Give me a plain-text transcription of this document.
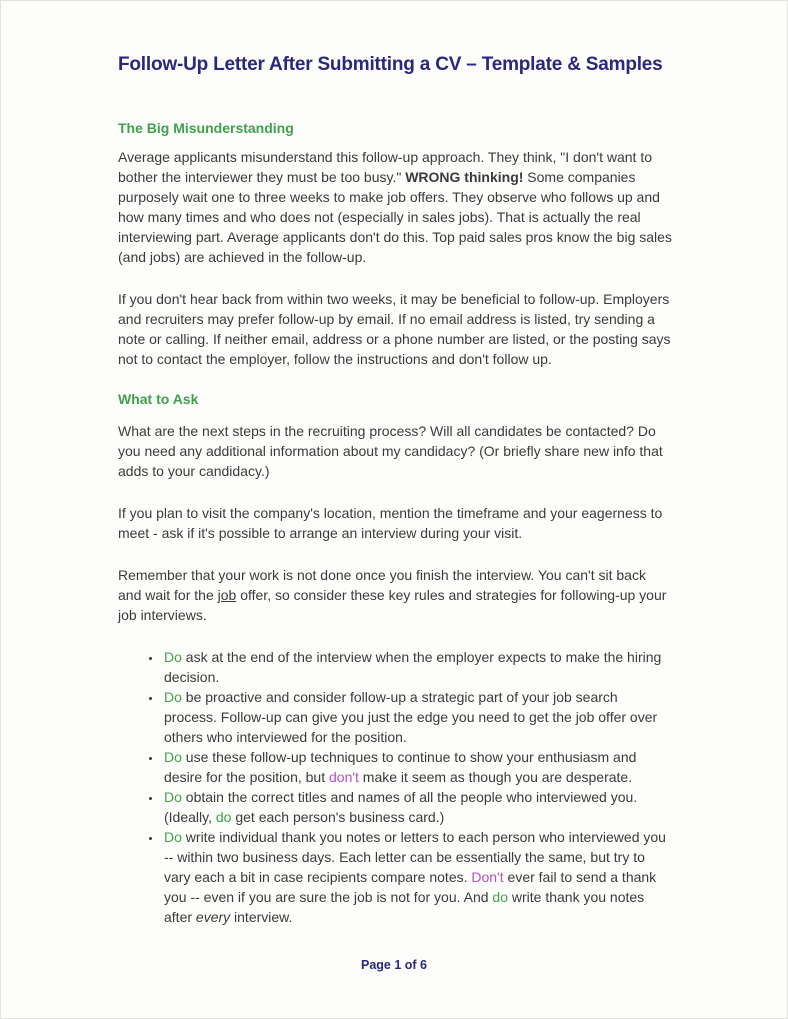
Follow-Up Letter After Submitting a CV – Template & Samples
The Big Misunderstanding

Average applicants misunderstand this follow-up approach. They think, "I don't want to bother the interviewer they must be too busy." WRONG thinking! Some companies purposely wait one to three weeks to make job offers. They observe who follows up and how many times and who does not (especially in sales jobs). That is actually the real interviewing part. Average applicants don't do this. Top paid sales pros know the big sales (and jobs) are achieved in the follow-up.

If you don't hear back from within two weeks, it may be beneficial to follow-up. Employers and recruiters may prefer follow-up by email. If no email address is listed, try sending a note or calling. If neither email, address or a phone number are listed, or the posting says not to contact the employer, follow the instructions and don't follow up.

What to Ask

What are the next steps in the recruiting process? Will all candidates be contacted? Do you need any additional information about my candidacy? (Or briefly share new info that adds to your candidacy.)

If you plan to visit the company's location, mention the timeframe and your eagerness to meet - ask if it's possible to arrange an interview during your visit.

Remember that your work is not done once you finish the interview. You can't sit back and wait for the job offer, so consider these key rules and strategies for following-up your job interviews.

• Do ask at the end of the interview when the employer expects to make the hiring decision.
• Do be proactive and consider follow-up a strategic part of your job search process. Follow-up can give you just the edge you need to get the job offer over others who interviewed for the position.
• Do use these follow-up techniques to continue to show your enthusiasm and desire for the position, but don't make it seem as though you are desperate.
• Do obtain the correct titles and names of all the people who interviewed you. (Ideally, do get each person's business card.)
• Do write individual thank you notes or letters to each person who interviewed you -- within two business days. Each letter can be essentially the same, but try to vary each a bit in case recipients compare notes. Don't ever fail to send a thank you -- even if you are sure the job is not for you. And do write thank you notes after every interview.
Page 1 of 6
